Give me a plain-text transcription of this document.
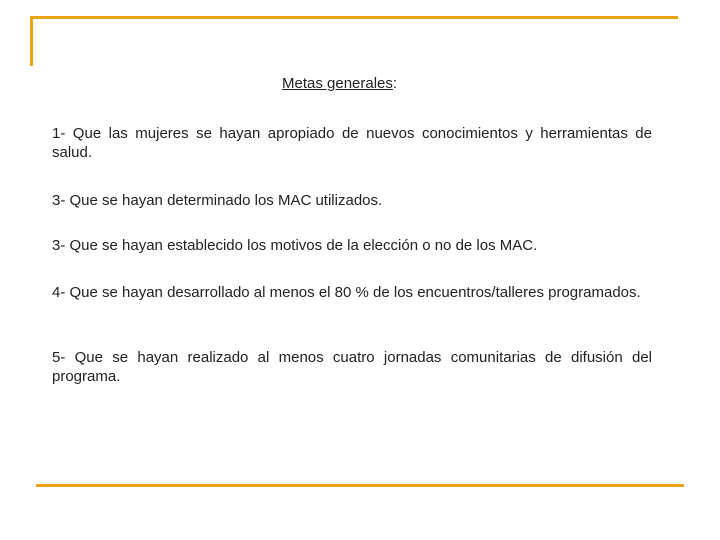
Metas generales:

1- Que las mujeres se hayan apropiado de nuevos conocimientos y herramientas de salud.

3- Que se hayan determinado los MAC utilizados.

3- Que se hayan establecido los motivos de la elección o no de los MAC.

4- Que se hayan desarrollado al menos el 80 % de los encuentros/talleres programados.

5- Que se hayan realizado al menos cuatro jornadas comunitarias de difusión del programa.
